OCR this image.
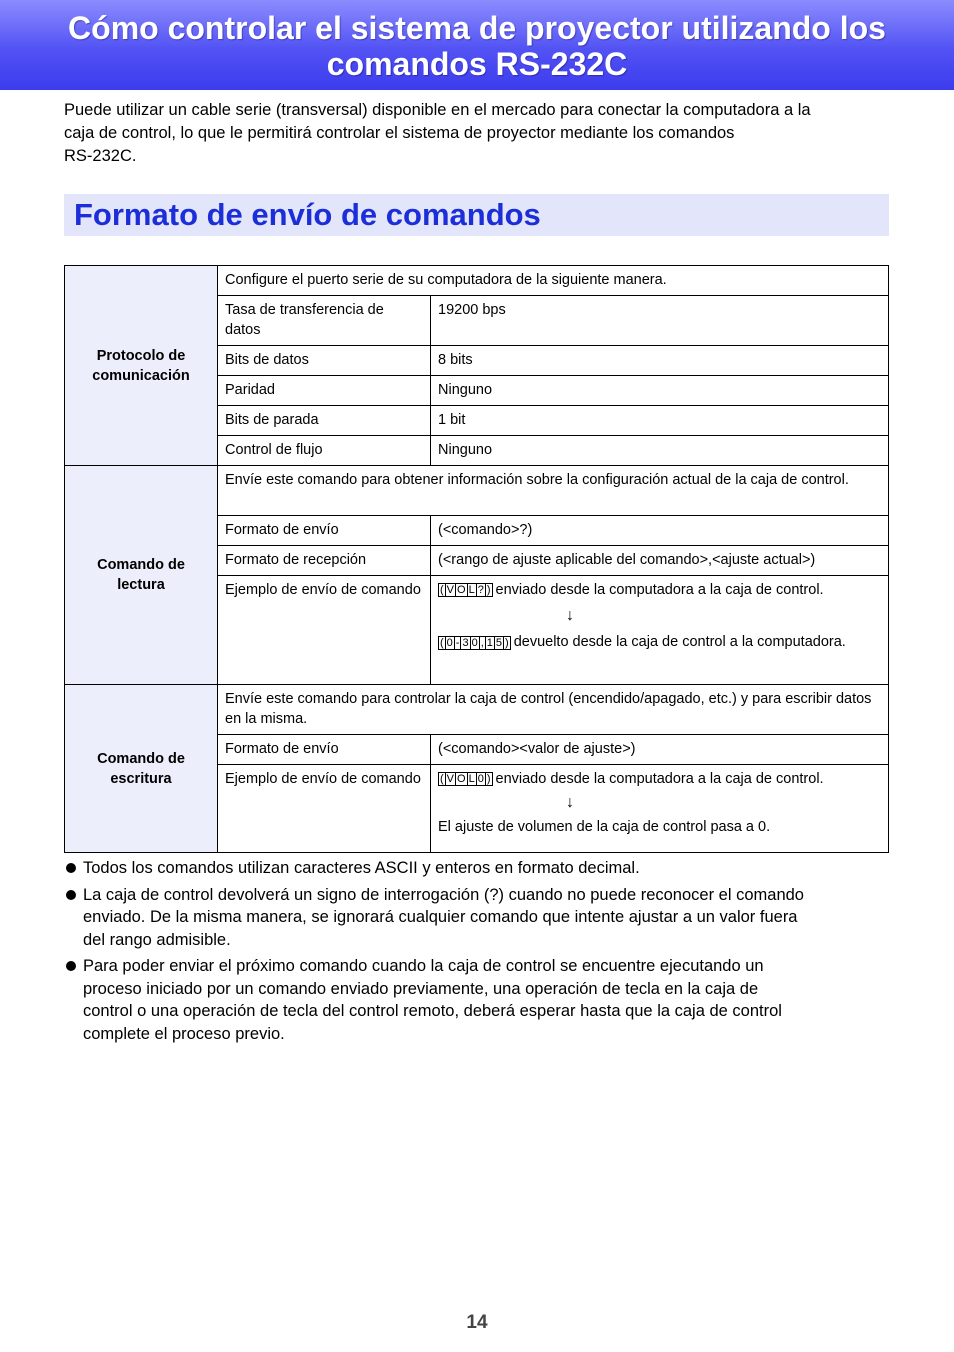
Cómo controlar el sistema de proyector utilizando los
comandos RS-232C
Puede utilizar un cable serie (transversal) disponible en el mercado para conectar la computadora a la
caja de control, lo que le permitirá controlar el sistema de proyector mediante los comandos
RS-232C.
Formato de envío de comandos
Protocolo de comunicación	Configure el puerto serie de su computadora de la siguiente manera.	
	Tasa de transferencia de datos	19200 bps
	Bits de datos	8 bits
	Paridad	Ninguno
	Bits de parada	1 bit
	Control de flujo	Ninguno
Comando de lectura	Envíe este comando para obtener información sobre la configuración actual de la caja de control.	
	Formato de envío	(<comando>?)
	Formato de recepción	(<rango de ajuste aplicable del comando>,<ajuste actual>)
	Ejemplo de envío de comando	( V O L ? ) enviado desde la computadora a la caja de control.
↓
( 0 - 3 0 , 1 5 ) devuelto desde la caja de control a la computadora.

Comando de escritura	Envíe este comando para controlar la caja de control (encendido/apagado, etc.) y para escribir datos en la misma.	
	Formato de envío	(<comando><valor de ajuste>)
	Ejemplo de envío de comando	( V O L 0 ) enviado desde la computadora a la caja de control.
↓
El ajuste de volumen de la caja de control pasa a 0.
Todos los comandos utilizan caracteres ASCII y enteros en formato decimal.
La caja de control devolverá un signo de interrogación (?) cuando no puede reconocer el comando
enviado. De la misma manera, se ignorará cualquier comando que intente ajustar a un valor fuera
del rango admisible.
Para poder enviar el próximo comando cuando la caja de control se encuentre ejecutando un
proceso iniciado por un comando enviado previamente, una operación de tecla en la caja de
control o una operación de tecla del control remoto, deberá esperar hasta que la caja de control
complete el proceso previo.
14
